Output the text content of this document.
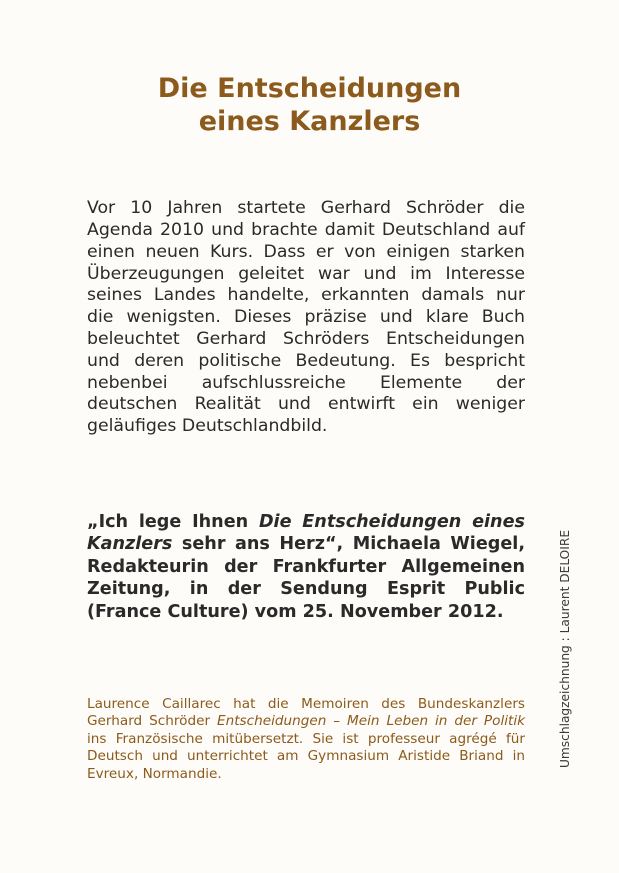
Die Entscheidungen
eines Kanzlers

Vor 10 Jahren startete Gerhard Schröder die Agenda 2010 und brachte damit Deutschland auf einen neuen Kurs. Dass er von einigen starken Überzeugungen geleitet war und im Interesse seines Landes handelte, erkannten damals nur die wenigsten. Dieses präzise und klare Buch beleuchtet Gerhard Schröders Entscheidungen und deren politische Bedeutung. Es bespricht nebenbei aufschlussreiche Elemente der deutschen Realität und entwirft ein weniger geläufiges Deutschlandbild.

„Ich lege Ihnen Die Entscheidungen eines Kanzlers sehr ans Herz“, Michaela Wiegel, Redakteurin der Frankfurter Allgemeinen Zeitung, in der Sendung Esprit Public (France Culture) vom 25. November 2012.

Laurence Caillarec hat die Memoiren des Bundeskanzlers Gerhard Schröder Entscheidungen – Mein Leben in der Politik ins Französische mitübersetzt. Sie ist professeur agrégé für Deutsch und unterrichtet am Gymnasium Aristide Briand in Evreux, Normandie.

Umschlagzeichnung : Laurent DELOIRE
